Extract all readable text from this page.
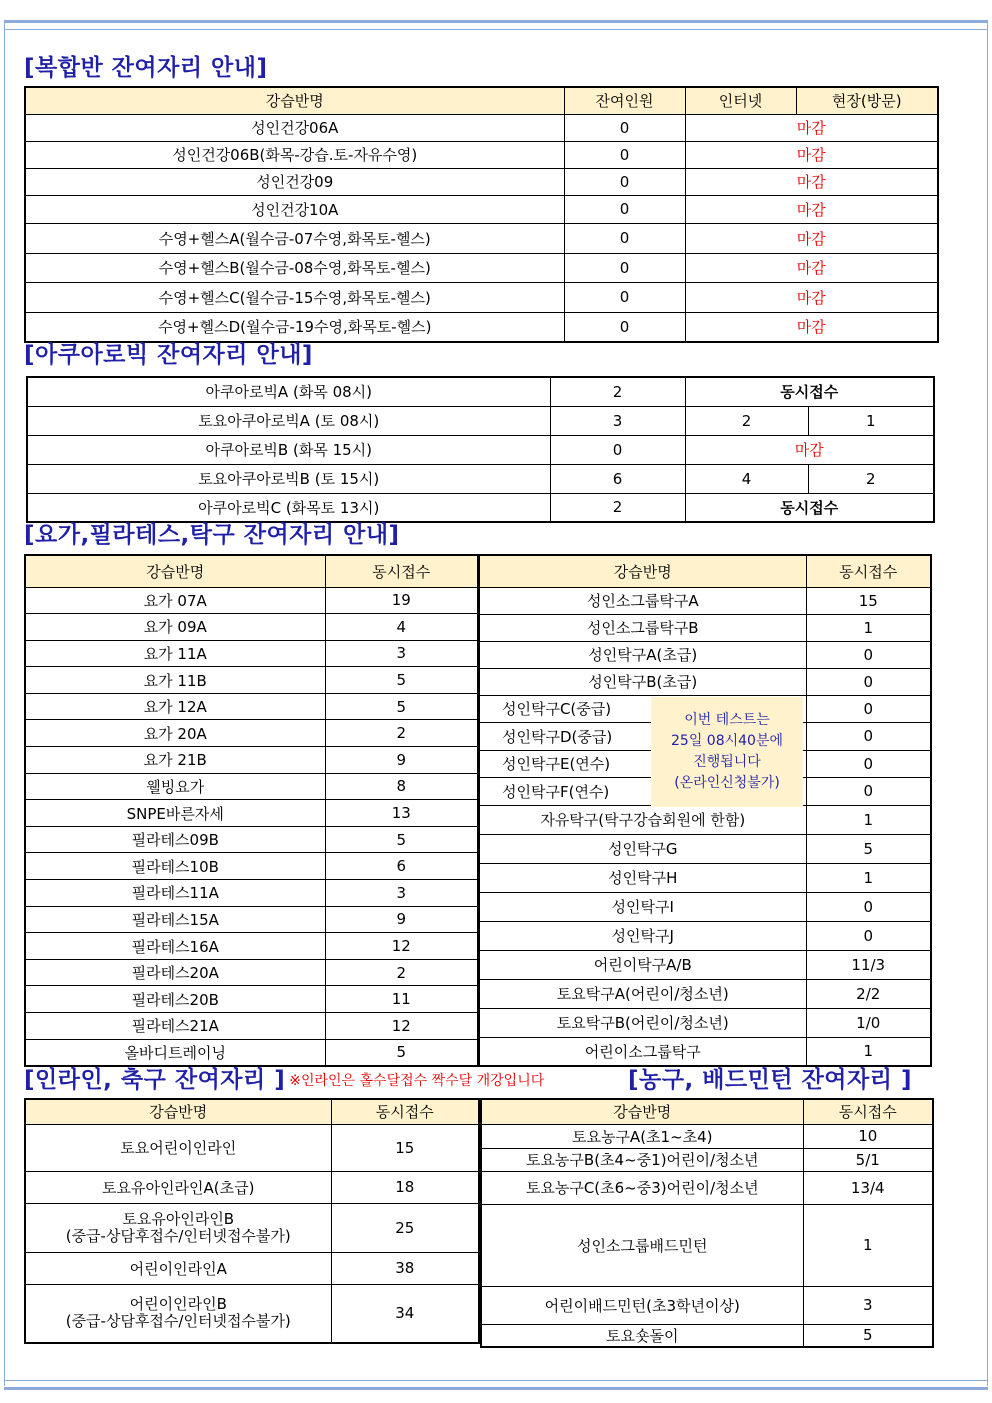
[복합반 잔여자리 안내]
강습반명	잔여인원	인터넷	현장(방문)
성인건강06A	0	마감	
성인건강06B(화목-강습.토-자유수영)	0	마감	
성인건강09	0	마감	
성인건강10A	0	마감	
수영+헬스A(월수금-07수영,화목토-헬스)	0	마감	
수영+헬스B(월수금-08수영,화목토-헬스)	0	마감	
수영+헬스C(월수금-15수영,화목토-헬스)	0	마감	
수영+헬스D(월수금-19수영,화목토-헬스)	0	마감	
[아쿠아로빅 잔여자리 안내]
아쿠아로빅A (화목 08시)	2	동시접수	
토요아쿠아로빅A (토 08시)	3	2	1
아쿠아로빅B (화목 15시)	0	마감	
토요아쿠아로빅B (토 15시)	6	4	2
아쿠아로빅C (화목토 13시)	2	동시접수	
[요가,필라테스,탁구 잔여자리 안내]
강습반명	동시접수
요가 07A	19
요가 09A	4
요가 11A	3
요가 11B	5
요가 12A	5
요가 20A	2
요가 21B	9
웰빙요가	8
SNPE바른자세	13
필라테스09B	5
필라테스10B	6
필라테스11A	3
필라테스15A	9
필라테스16A	12
필라테스20A	2
필라테스20B	11
필라테스21A	12
올바디트레이닝	5
강습반명	동시접수
성인소그룹탁구A	15
성인소그룹탁구B	1
성인탁구A(초급)	0
성인탁구B(초급)	0
성인탁구C(중급)	0
성인탁구D(중급)	0
성인탁구E(연수)	0
성인탁구F(연수)	0
자유탁구(탁구강습회원에 한함)	1
성인탁구G	5
성인탁구H	1
성인탁구I	0
성인탁구J	0
어린이탁구A/B	11/3
토요탁구A(어린이/청소년)	2/2
토요탁구B(어린이/청소년)	1/0
어린이소그룹탁구	1
이번 테스트는
25일 08시40분에
진행됩니다
(온라인신청불가)
[인라인, 축구 잔여자리 ] ※인라인은 홀수달접수 짝수달 개강입니다	[농구, 배드민턴 잔여자리 ]
강습반명	동시접수
토요어린이인라인	15
토요유아인라인A(초급)	18

토요유아인라인B
(중급-상담후접수/인터넷접수불가)	25
어린이인라인A	38

어린이인라인B
(중급-상담후접수/인터넷접수불가)	34
강습반명	동시접수
토요농구A(초1~초4)	10
토요농구B(초4~중1)어린이/청소년	5/1
토요농구C(초6~중3)어린이/청소년	13/4
성인소그룹배드민턴	1
어린이배드민턴(초3학년이상)	3
토요숏돌이	5
